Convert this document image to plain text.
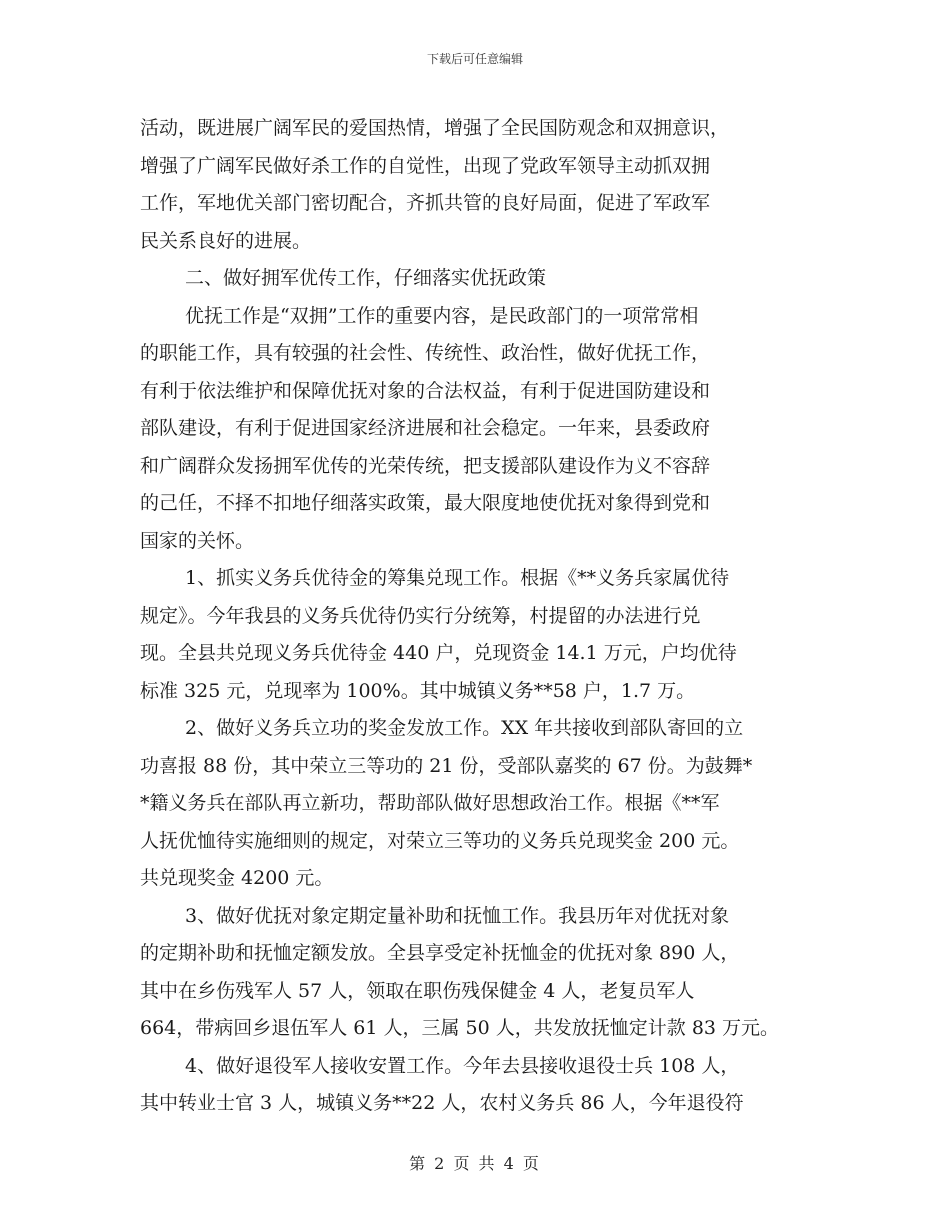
下载后可任意编辑
活动，既进展广阔军民的爱国热情，增强了全民国防观念和双拥意识，
增强了广阔军民做好杀工作的自觉性，出现了党政军领导主动抓双拥
工作，军地优关部门密切配合，齐抓共管的良好局面，促进了军政军
民关系良好的进展。
二、做好拥军优传工作，仔细落实优抚政策
优抚工作是“双拥”工作的重要内容，是民政部门的一项常常相
的职能工作，具有较强的社会性、传统性、政治性，做好优抚工作，
有利于依法维护和保障优抚对象的合法权益，有利于促进国防建设和
部队建设，有利于促进国家经济进展和社会稳定。一年来，县委政府
和广阔群众发扬拥军优传的光荣传统，把支援部队建设作为义不容辞
的己任，不择不扣地仔细落实政策，最大限度地使优抚对象得到党和
国家的关怀。
1、抓实义务兵优待金的筹集兑现工作。根据《**义务兵家属优待
规定》。今年我县的义务兵优待仍实行分统筹，村提留的办法进行兑
现。全县共兑现义务兵优待金 440 户，兑现资金 14.1 万元，户均优待
标准 325 元，兑现率为 100%。其中城镇义务**58 户，1.7 万。
2、做好义务兵立功的奖金发放工作。XX 年共接收到部队寄回的立
功喜报 88 份，其中荣立三等功的 21 份，受部队嘉奖的 67 份。为鼓舞*
*籍义务兵在部队再立新功，帮助部队做好思想政治工作。根据《**军
人抚优恤待实施细则的规定，对荣立三等功的义务兵兑现奖金 200 元。
共兑现奖金 4200 元。
3、做好优抚对象定期定量补助和抚恤工作。我县历年对优抚对象
的定期补助和抚恤定额发放。全县享受定补抚恤金的优抚对象 890 人，
其中在乡伤残军人 57 人，领取在职伤残保健金 4 人，老复员军人
664，带病回乡退伍军人 61 人，三属 50 人，共发放抚恤定计款 83 万元。
4、做好退役军人接收安置工作。今年去县接收退役士兵 108 人，
其中转业士官 3 人，城镇义务**22 人，农村义务兵 86 人，今年退役符
第 2 页 共 4 页
